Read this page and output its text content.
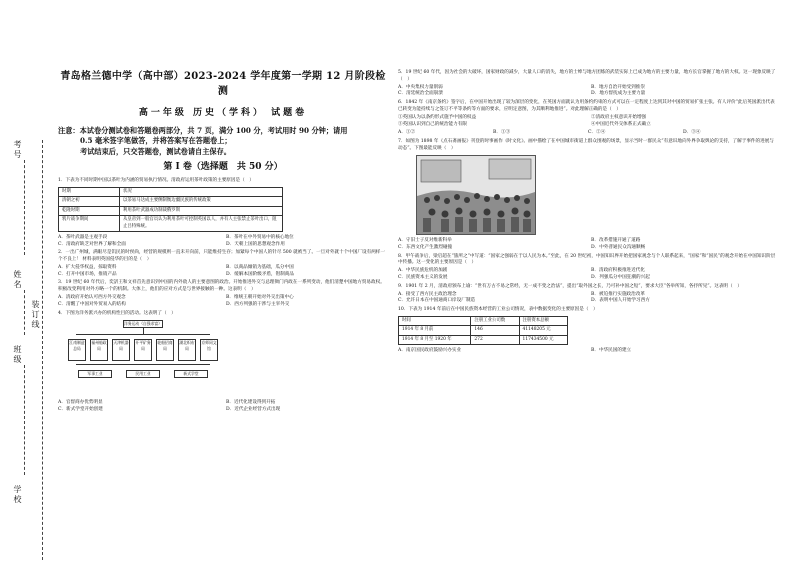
考号
姓名
装订线
班级
学校
青岛格兰德中学（高中部）2023-2024 学年度第一学期 12 月阶段检测
高一年级 历史（学科） 试题卷
注意：本试卷分测试卷和答题卷两部分，共 7 页，满分 100 分，考试用时 90 分钟；请用
0.5 毫米签字笔做答，并将答案写在答题卷上；
考试结束后，只交答题卷，测试卷请自主保存。
第 Ⅰ 卷（选择题　共 50 分）
1．下表为不同时期中国以茶叶为内涵的贸易执行情况。清政府运用茶叶政策的主要原因是（　）
时期	状况
清朝之初	以茶易马达成主要侧制衡边疆民族的传统政策
乾隆时期	利用茶叶武器成功制裁俄罗斯
鸦片战争期间	从皇帝到一般官员认为利用茶叶可控制英国以人，并有人主张禁止茶叶出口，阻止吕特殊统。
A．茶叶武器是主观手段	B．茶叶在中外贸易中的核心地位
C．清政府缺乏对世界了解和全面	D．天朝上国的思想观念作用
2．一出广州城，满眼尽是饥民的时侯尚，经营的规模则一直未开向前，只能维持生存；加紧每个中国人的针尽 500 就被当了。一旦对外就十个中国厂设有两样一个不良上！ 材料表明英国侵华的目的是（　）
A．扩大侵华权益，掠取资料	B．以商品倾销为基础，瓜分中国
C．打开中国市场，推销产品	D．缓解本国阶级矛盾，钳制商品
3．19 世纪 60 年代后，奕訢王和文祥首先意识到中国的内外敌人的主要意图的政治。开始推进外交与总理衙门内政在一系列变动，他们清楚中国地方贸易政权。积极改变利用对外方略一个的机制。大体上，他们的应对方式是与世界接触的一种。这表明（　）
A．清政府开始认可西方外交观念	B．维统王朝开始对外交出策中心
C．清醒了中国对外贸易入的结构	D．西方列强的干涉与主宰外交
4．下图为洋务派兴办的机构性目的活动。这表明了（　）
洋务运动（自强求富）
江南制造总局
福州船政局
天津机器局
开平矿务局
轮船招商局
湖北织布局
京师同文馆
军事工业	民用工业	新式学堂
A．官督商办优势明显	B．近代化建设得到开拓
C．新式学堂开始创建	D．近代企业经营方式出现
5．19 世纪 60 年代，因为社会的大破坏，国家财政的减少，大量人口的消失，地方的士绅与地方团练的武装实际上已成为地方的主要力量，地方长官掌握了地方的大权。这一现象反映了（　）
A．中央集权力量削弱	B．地方自治开始受到推崇
C．清廷统治全面崩溃	D．地方督抚成为主要力量
6．1842 年《南京条约》签字后，在中国开始出现了较为深层的变化，在英国方面就认为用条约约束的方式可以在一定程度上达到其对中国的贸易扩张主张。有人评价“此后英国派出代表已转变为能持续与之签订不平等条约等方面的要求，应明定意图，为其顺利地推进”。对此理解正确的是（　）
①英国认为以条约形式施予中国的权益	②清政府主权意识开始增强
③英国认识到自己的统治能力有限	④中国近代外交体系正式确立
A．①②	B．①③	C．②④	D．③④
7．如图为 1898 年《点石斋画报》刊登的时事画作《时文化》。画中描绘了在中国城市街道上群众围观的场景，显示当时一群民众“有意识地向外界争取舆论的支持，了解于事件的进展与动态”。下图最能反映（　）
A．守旧士子反对维新科举	B．改革措施开通了道路
C．东西文化产生激烈碰撞	D．中外普通民众沟通顺畅
8．甲午战争后，梁启超在“旅所之”中写道：“国家之强弱在于以人民为本。”至此，在 20 世纪初，中国知识界开始把国家观念与个人联系起来，“国家”和“国民”的观念开始在中国知识阶层中传播。这一变化的主要原因是（　）
A．中华民族危机的加剧	B．清政府积极推进近代化
C．民族资本主义的发展	D．列强瓜分中国狂潮的兴起
9．1901 年 2 月，清政府颁布上谕：“世有万古不易之常经，无一成不变之治法”，提出“取外国之长，乃可补中国之短”，要求大臣“各举所知，各抒所见”。这表明（　）
A．接受了西方民主政治理念	B．被迫推行实施政治改革
C．允许日本在中国通商口岸设厂制造	D．表明中国人开始学习西方
10．下表为 1914 年前后在中国民族资本经营的工业公司情况，表中数据变化的主要原因是（　）
时间	注册工业公司数	注册资本总额
1914 年 8 月前	146	41148205 元
1914 年 8 月至 1920 年	272	117434500 元
A．南京国民政府鼓励兴办实业	B．中华民国的建立
